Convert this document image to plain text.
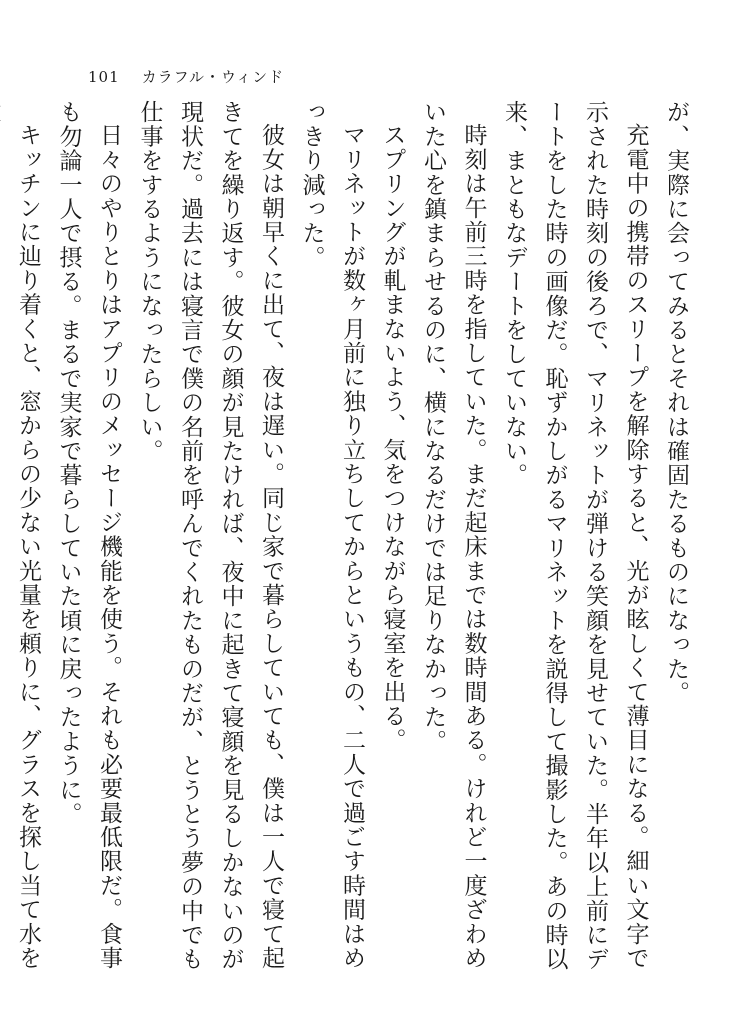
101 カラフル・ウィンド

が、実際に会ってみるとそれは確固たるものになった。

充電中の携帯のスリープを解除すると、光が眩しくて薄目になる。細い文字で示された時刻の後ろで、マリネットが弾ける笑顔を見せていた。半年以上前にデートをした時の画像だ。恥ずかしがるマリネットを説得して撮影した。あの時以来、まともなデートをしていない。

時刻は午前三時を指していた。まだ起床までは数時間ある。けれど一度ざわめいた心を鎮まらせるのに、横になるだけでは足りなかった。

スプリングが軋まないよう、気をつけながら寝室を出る。

マリネットが数ヶ月前に独り立ちしてからというもの、二人で過ごす時間はめっきり減った。

彼女は朝早くに出て、夜は遅い。同じ家で暮らしていても、僕は一人で寝て起きてを繰り返す。彼女の顔が見たければ、夜中に起きて寝顔を見るしかないのが現状だ。過去には寝言で僕の名前を呼んでくれたものだが、とうとう夢の中でも仕事をするようになったらしい。

日々のやりとりはアプリのメッセージ機能を使う。それも必要最低限だ。食事も勿論一人で摂る。まるで実家で暮らしていた頃に戻ったように。

キッチンに辿り着くと、窓からの少ない光量を頼りに、グラスを探し当て水を
